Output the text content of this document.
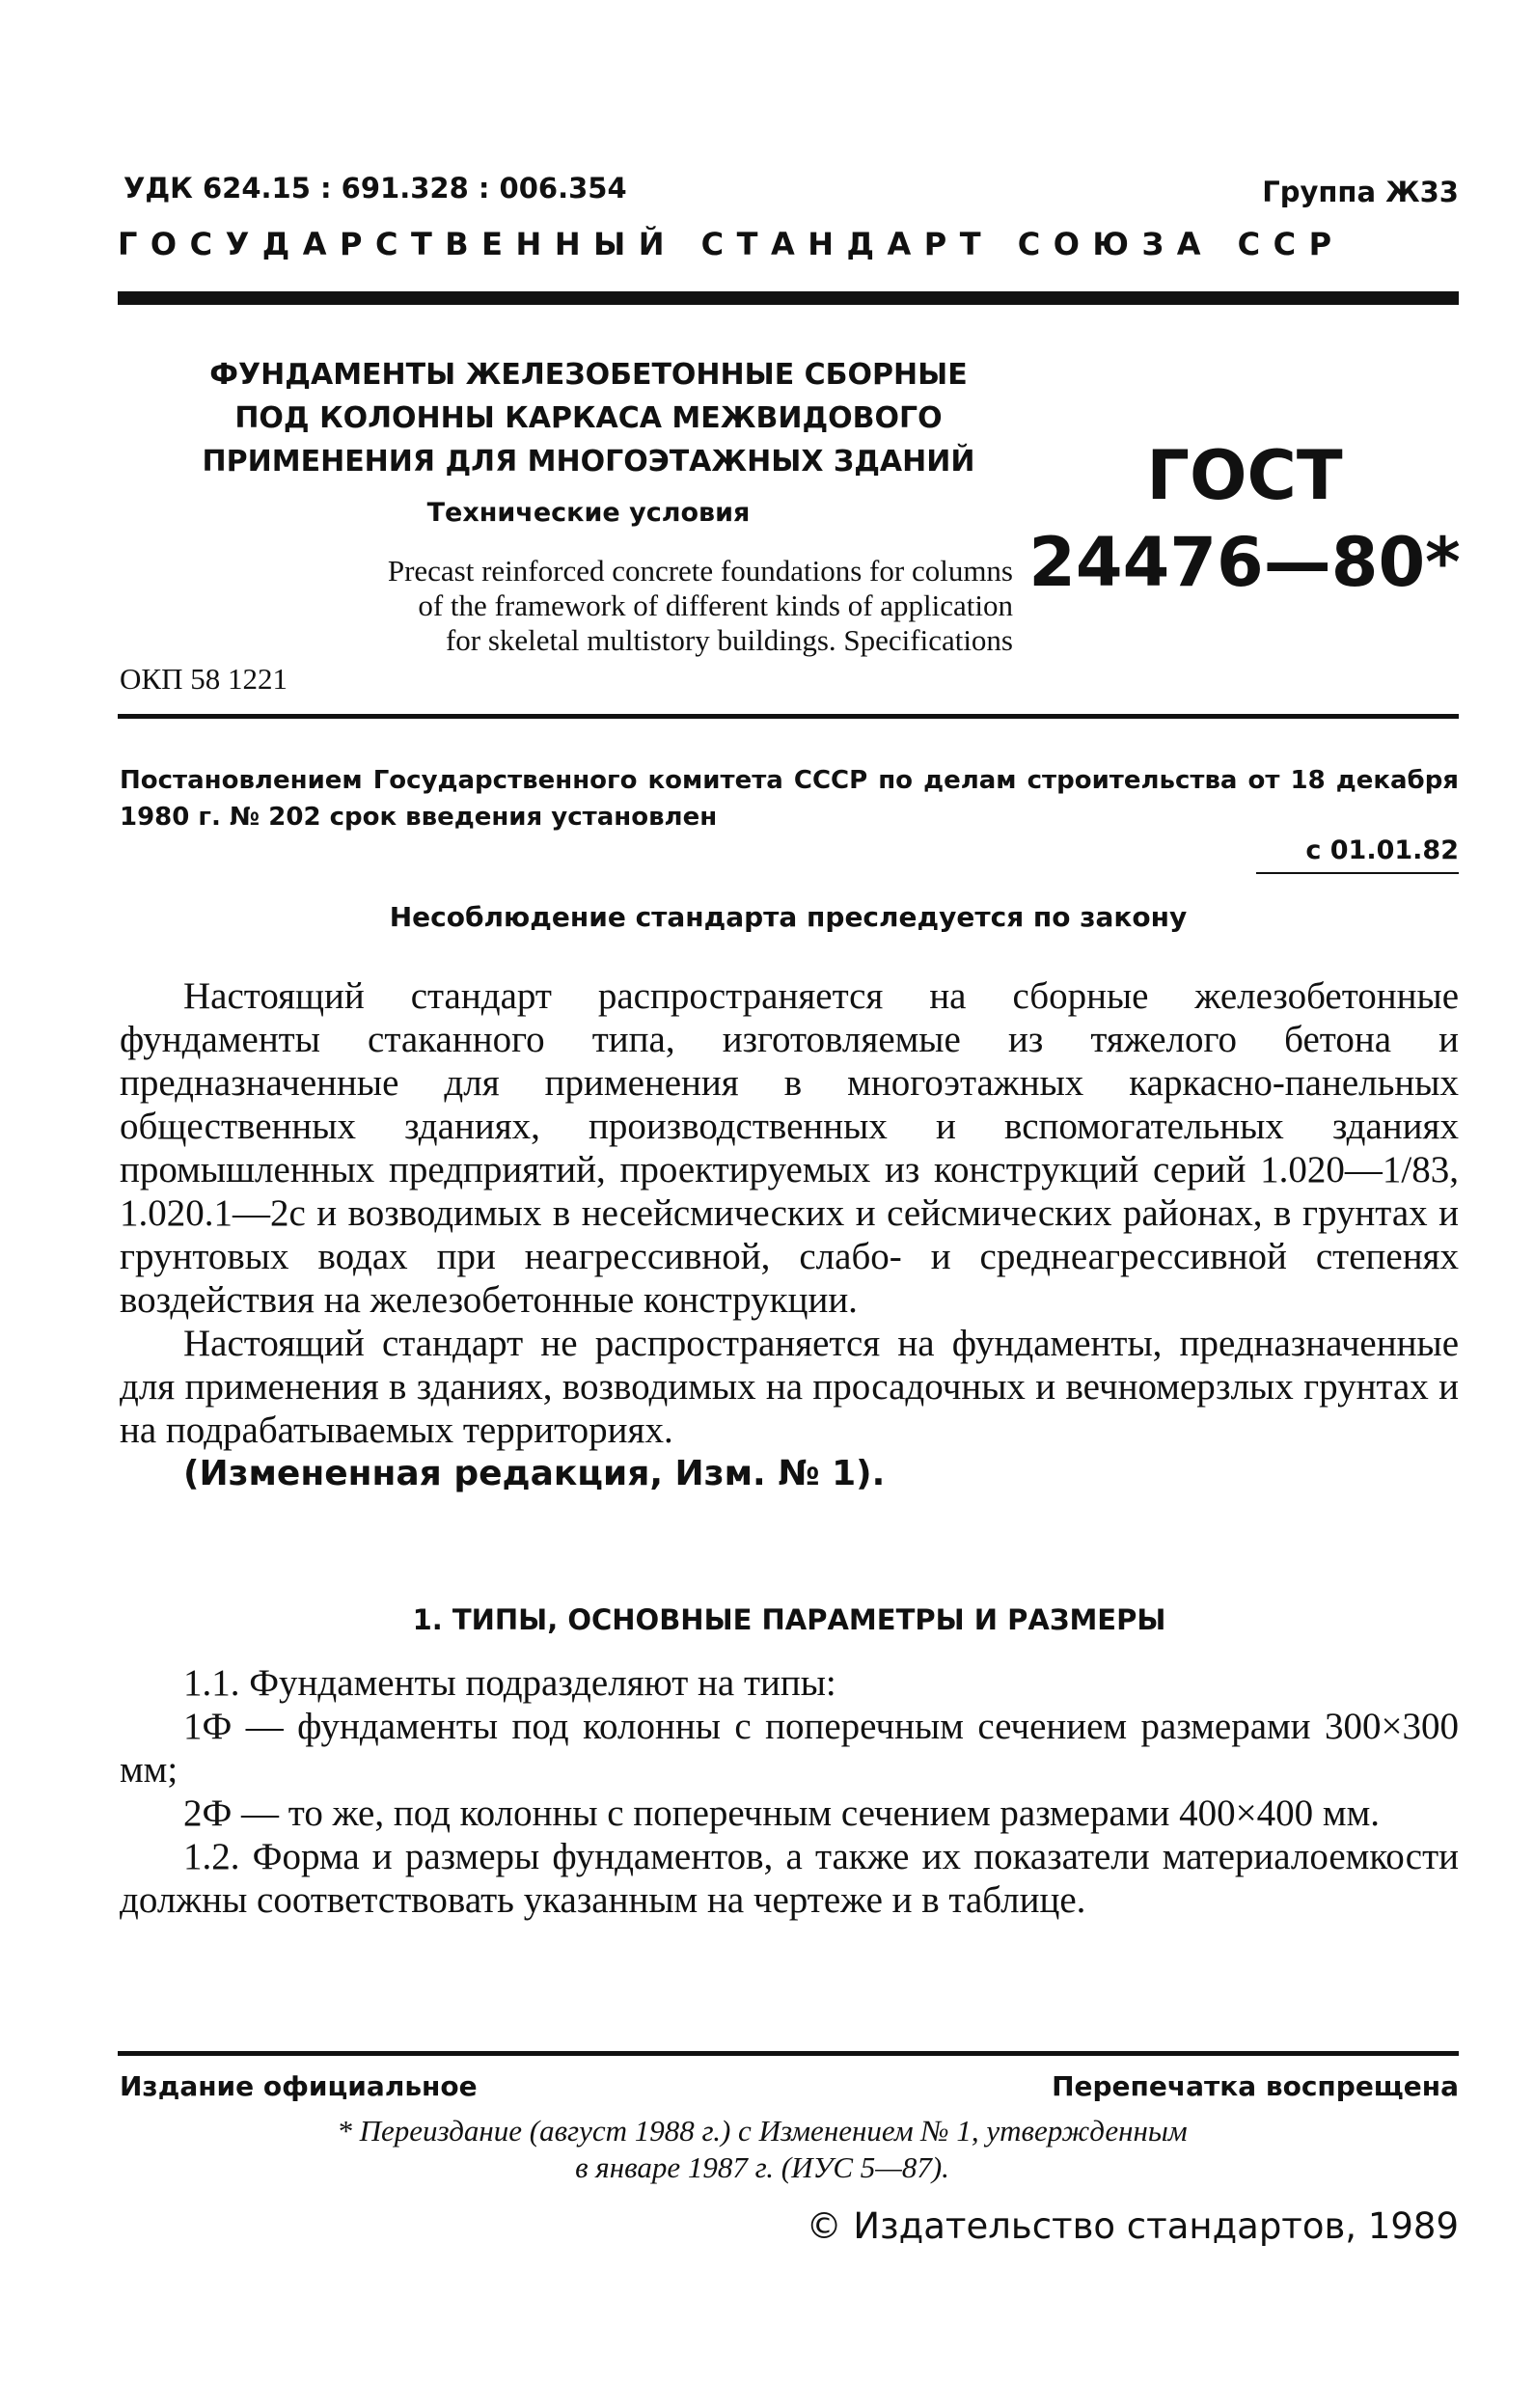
УДК 624.15 : 691.328 : 006.354	Группа Ж33
ГОСУДАРСТВЕННЫЙ СТАНДАРТ СОЮЗА ССР
ФУНДАМЕНТЫ ЖЕЛЕЗОБЕТОННЫЕ СБОРНЫЕ
ПОД КОЛОННЫ КАРКАСА МЕЖВИДОВОГО
ПРИМЕНЕНИЯ ДЛЯ МНОГОЭТАЖНЫХ ЗДАНИЙ
Технические условия
Precast reinforced concrete foundations for columns
of the framework of different kinds of application
for skeletal multistory buildings. Specifications
ОКП 58 1221
ГОСТ
24476—80*
Постановлением Государственного комитета СССР по делам строительства от 18 декабря 1980 г. № 202 срок введения установлен
с 01.01.82
Несоблюдение стандарта преследуется по закону

Настоящий стандарт распространяется на сборные железобетонные фундаменты стаканного типа, изготовляемые из тяжелого бетона и предназначенные для применения в многоэтажных каркасно-панельных общественных зданиях, производственных и вспомогательных зданиях промышленных предприятий, проектируемых из конструкций серий 1.020—1/83, 1.020.1—2с и возводимых в несейсмических и сейсмических районах, в грунтах и грунтовых водах при неагрессивной, слабо- и среднеагрессивной степенях воздействия на железобетонные конструкции.

Настоящий стандарт не распространяется на фундаменты, предназначенные для применения в зданиях, возводимых на просадочных и вечномерзлых грунтах и на подрабатываемых территориях.

(Измененная редакция, Изм. № 1).

1. ТИПЫ, ОСНОВНЫЕ ПАРАМЕТРЫ И РАЗМЕРЫ

1.1. Фундаменты подразделяют на типы:

1Ф — фундаменты под колонны с поперечным сечением размерами 300×300 мм;

2Ф — то же, под колонны с поперечным сечением размерами 400×400 мм.

1.2. Форма и размеры фундаментов, а также их показатели материалоемкости должны соответствовать указанным на чертеже и в таблице.

Издание официальное	Перепечатка воспрещена
* Переиздание (август 1988 г.) с Изменением № 1, утвержденным
в январе 1987 г. (ИУС 5—87).
© Издательство стандартов, 1989
